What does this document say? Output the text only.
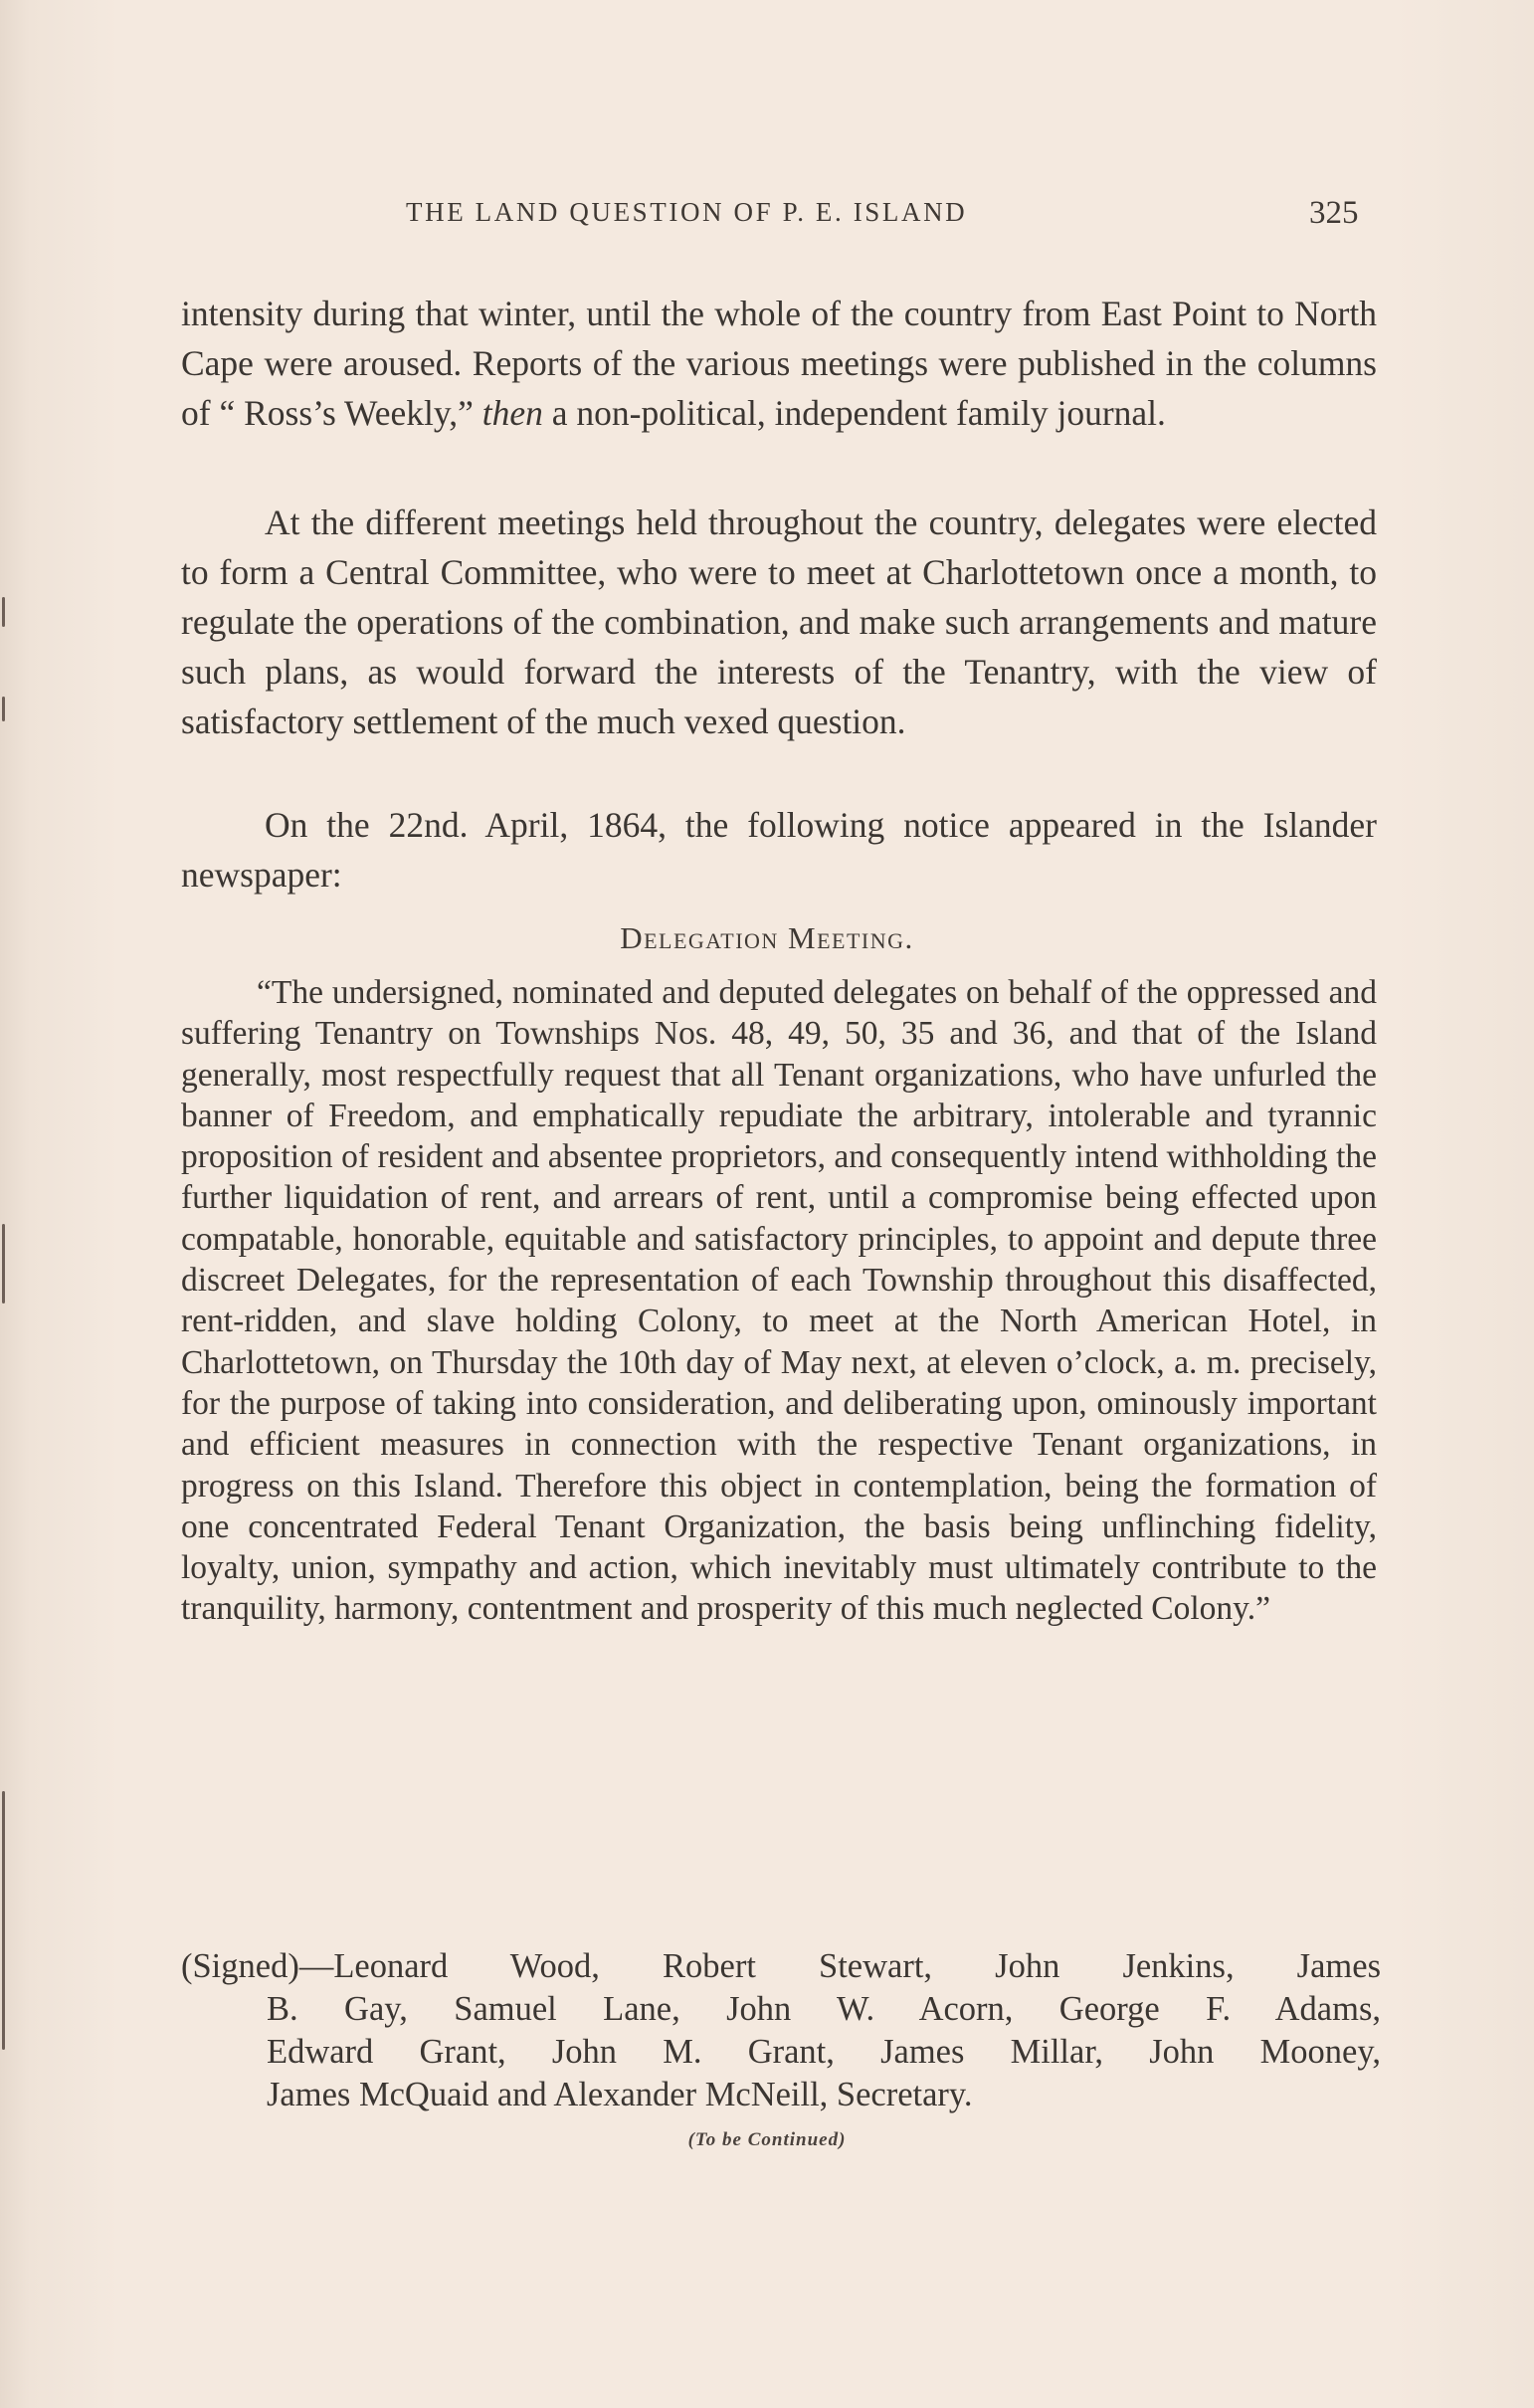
THE LAND QUESTION OF P. E. ISLAND	325

intensity during that winter, until the whole of the country from East Point to North Cape were aroused. Reports of the various meetings were published in the columns of “ Ross’s Weekly,” then a non-political, independent family journal.

At the different meetings held throughout the country, delegates were elected to form a Central Committee, who were to meet at Charlottetown once a month, to regulate the operations of the combination, and make such arrangements and mature such plans, as would forward the interests of the Tenantry, with the view of satisfactory settlement of the much vexed question.

On the 22nd. April, 1864, the following notice appeared in the Islander newspaper:

Delegation Meeting.

“The undersigned, nominated and deputed delegates on behalf of the oppressed and suffering Tenantry on Townships Nos. 48, 49, 50, 35 and 36, and that of the Island generally, most respectfully request that all Tenant organizations, who have unfurled the banner of Freedom, and emphatically repudiate the arbitrary, intolerable and tyrannic proposition of resident and absentee proprietors, and consequently intend withholding the further liquidation of rent, and arrears of rent, until a compromise being effected upon compatable, honorable, equitable and satisfactory principles, to appoint and depute three discreet Delegates, for the representation of each Township throughout this disaffected, rent-ridden, and slave holding Colony, to meet at the North American Hotel, in Charlottetown, on Thursday the 10th day of May next, at eleven o’clock, a. m. precisely, for the purpose of taking into consideration, and deliberating upon, ominously important and efficient measures in connection with the respective Tenant organizations, in progress on this Island. Therefore this object in contemplation, being the formation of one concentrated Federal Tenant Organization, the basis being unflinching fidelity, loyalty, union, sympathy and action, which inevitably must ultimately contribute to the tranquility, harmony, contentment and prosperity of this much neglected Colony.”

(Signed)—Leonard Wood, Robert Stewart, John Jenkins, James
B. Gay, Samuel Lane, John W. Acorn, George F. Adams,
Edward Grant, John M. Grant, James Millar, John Mooney,
James McQuaid and Alexander McNeill, Secretary.
(To be Continued)
